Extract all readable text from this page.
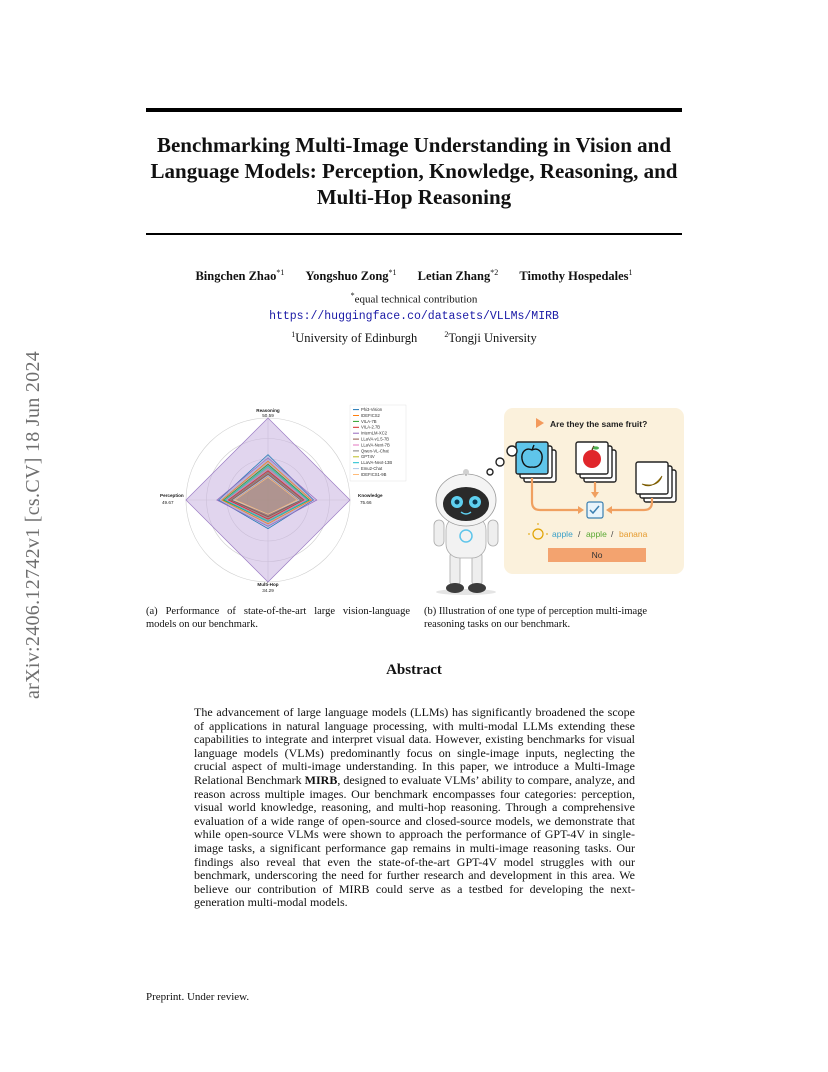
arXiv:2406.12742v1 [cs.CV] 18 Jun 2024
Benchmarking Multi-Image Understanding in Vision and Language Models: Perception, Knowledge, Reasoning, and Multi-Hop Reasoning
Bingchen Zhao$^{*1}$ Yongshuo Zong$^{*1}$ Letian Zhang$^{*2}$ Timothy Hospedales$^1$
*equal technical contribution
https://huggingface.co/datasets/VLLMs/MIRB
$^1$University of Edinburgh	$^2$Tongji University
Reasoning
50.59
Knowledge
75.66
Multi-Hop
34.29
Perception
49.67
Phi3-Vision
IDEFICS2
VILA-7B
VILA-2.7B
InternLM-XC2
LLaVA-v1.5-7B
LLaVA-Next-7B
Qwen-VL-Chat
GPT4V
LLaVA-Next-13B
Emu2-Chat
IDEFICS1-9B
Are they the same fruit?
apple / apple / banana
No
(a) Performance of state-of-the-art large vision-language models on our benchmark.
(b) Illustration of one type of perception multi-image reasoning tasks on our benchmark.
Abstract
The advancement of large language models (LLMs) has significantly broadened the scope of applications in natural language processing, with multi-modal LLMs extending these capabilities to integrate and interpret visual data. However, existing benchmarks for visual language models (VLMs) predominantly focus on single-image inputs, neglecting the crucial aspect of multi-image understanding. In this paper, we introduce a Multi-Image Relational Benchmark MIRB, designed to evaluate VLMs’ ability to compare, analyze, and reason across multiple images. Our benchmark encompasses four categories: perception, visual world knowledge, reasoning, and multi-hop reasoning. Through a comprehensive evaluation of a wide range of open-source and closed-source models, we demonstrate that while open-source VLMs were shown to approach the performance of GPT-4V in single-image tasks, a significant performance gap remains in multi-image reasoning tasks. Our findings also reveal that even the state-of-the-art GPT-4V model struggles with our benchmark, underscoring the need for further research and development in this area. We believe our contribution of MIRB could serve as a testbed for developing the next-generation multi-modal models.
Preprint. Under review.
